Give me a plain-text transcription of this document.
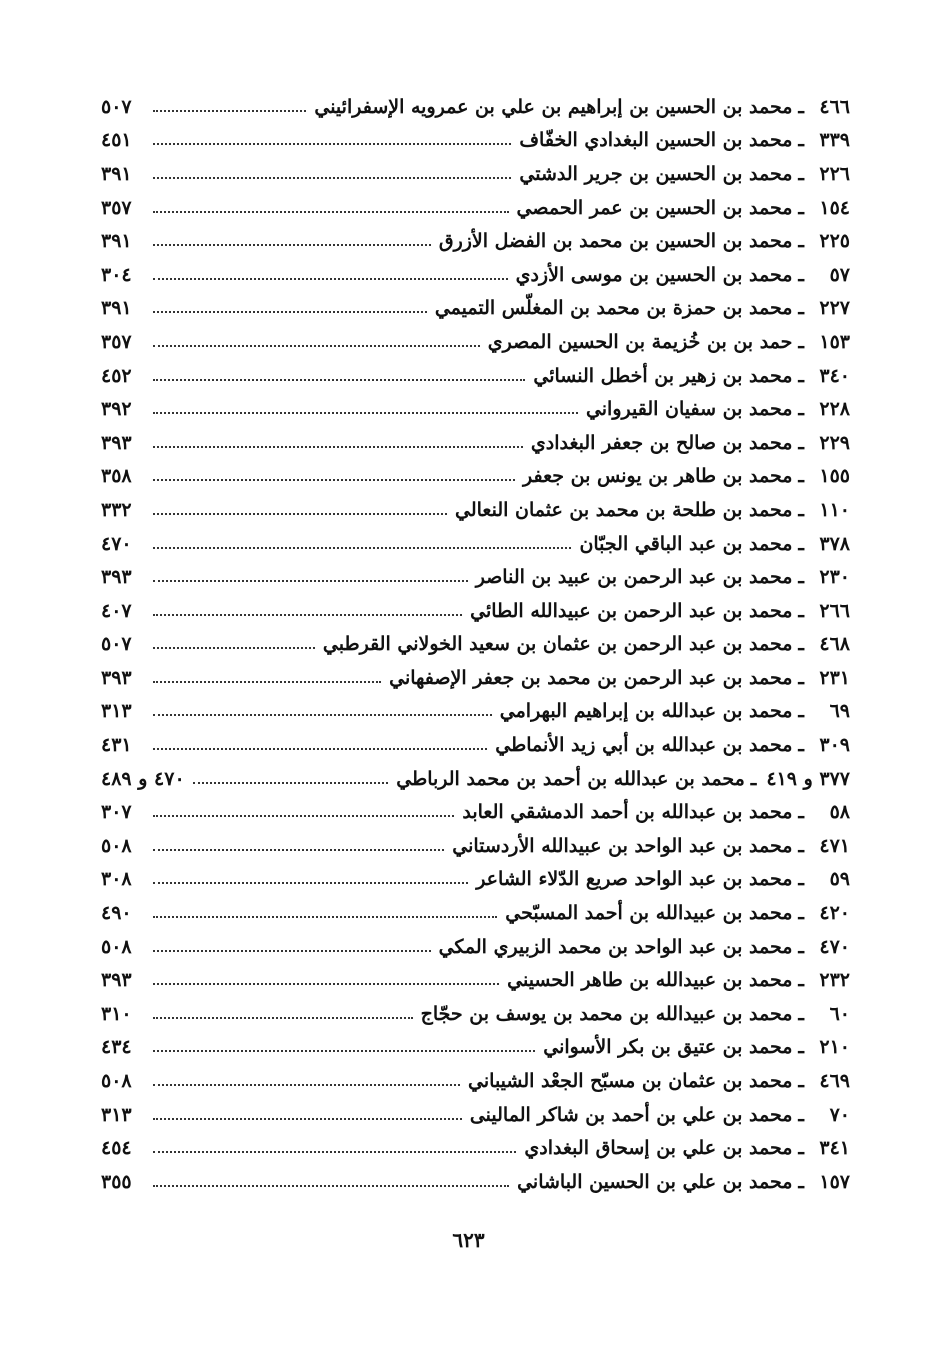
٥٠٧	محمد بن الحسين بن إبراهيم بن علي بن عمرويه الإسفرائيني ـ ٤٦٦
٤٥١	محمد بن الحسين البغدادي الخفّاف ـ ٣٣٩
٣٩١	محمد بن الحسين بن جرير الدشتي ـ ٢٢٦
٣٥٧	محمد بن الحسين بن عمر الحمصي ـ ١٥٤
٣٩١	محمد بن الحسين بن محمد بن الفضل الأزرق ـ ٢٢٥
٣٠٤	محمد بن الحسين بن موسى الأزدي ـ	٥٧
٣٩١	محمد بن حمزة بن محمد بن المغلّس التميمي ـ ٢٢٧
٣٥٧	حمد بن بن خُزيمة بن الحسين المصري ـ ١٥٣
٤٥٢	محمد بن زهير بن أخطل النسائي ـ ٣٤٠
٣٩٢	محمد بن سفيان القيرواني ـ ٢٢٨
٣٩٣	محمد بن صالح بن جعفر البغدادي ـ ٢٢٩
٣٥٨	محمد بن طاهر بن يونس بن جعفر ـ ١٥٥
٣٣٢	محمد بن طلحة بن محمد بن عثمان النعالي ـ ١١٠
٤٧٠	محمد بن عبد الباقي الجبّان ـ ٣٧٨
٣٩٣	محمد بن عبد الرحمن بن عبيد بن الناصر ـ ٢٣٠
٤٠٧	محمد بن عبد الرحمن بن عبيدالله الطائي ـ ٢٦٦
٥٠٧	محمد بن عبد الرحمن بن عثمان بن سعيد الخولاني القرطبي ـ ٤٦٨
٣٩٣	محمد بن عبد الرحمن بن محمد بن جعفر الإصفهاني ـ ٢٣١
٣١٣	محمد بن عبدالله بن إبراهيم البهرامي ـ	٦٩
٤٣١	محمد بن عبدالله بن أبي زيد الأنماطي ـ ٣٠٩
٤٧٠ و ٤٨٩	محمد بن عبدالله بن أحمد بن محمد الرباطي ـ ٣٧٧ و ٤١٩
٣٠٧	محمد بن عبدالله بن أحمد الدمشقي العابد ـ	٥٨
٥٠٨	محمد بن عبد الواحد بن عبيدالله الأردستاني ـ ٤٧١
٣٠٨	محمد بن عبد الواحد صريع الدّلاء الشاعر ـ	٥٩
٤٩٠	محمد بن عبيدالله بن أحمد المسبّحي ـ ٤٢٠
٥٠٨	محمد بن عبد الواحد بن محمد الزبيري المكي ـ ٤٧٠
٣٩٣	محمد بن عبيدالله بن طاهر الحسيني ـ ٢٣٢
٣١٠	محمد بن عبيدالله بن محمد بن يوسف بن حجّاج ـ	٦٠
٤٣٤	محمد بن عتيق بن بكر الأسواني ـ ٢١٠
٥٠٨	محمد بن عثمان بن مسبّح الجعْد الشيباني ـ ٤٦٩
٣١٣	محمد بن علي بن أحمد بن شاكر المالينى ـ	٧٠
٤٥٤	محمد بن علي بن إسحاق البغدادي ـ ٣٤١
٣٥٥	محمد بن علي بن الحسين الباشاني ـ ١٥٧
٦٢٣
